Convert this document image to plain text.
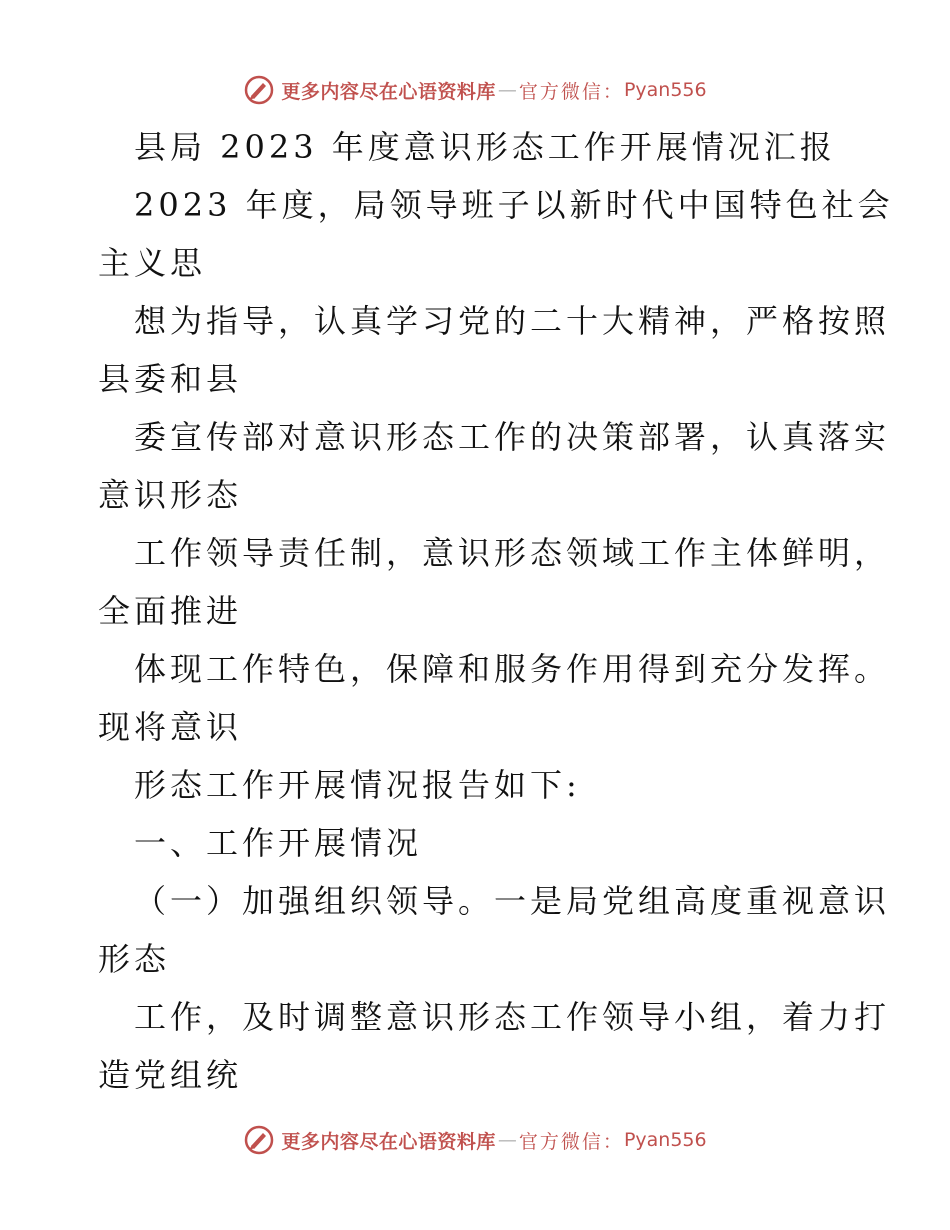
更多内容尽在心语资料库 — 官方微信： Pyan556
县局 2023 年度意识形态工作开展情况汇报
2023 年度，局领导班子以新时代中国特色社会
主义思
想为指导，认真学习党的二十大精神，严格按照
县委和县
委宣传部对意识形态工作的决策部署，认真落实
意识形态
工作领导责任制，意识形态领域工作主体鲜明，
全面推进
体现工作特色，保障和服务作用得到充分发挥。
现将意识
形态工作开展情况报告如下:
一、工作开展情况
（一）加强组织领导。一是局党组高度重视意识
形态
工作，及时调整意识形态工作领导小组，着力打
造党组统
更多内容尽在心语资料库 — 官方微信： Pyan556
